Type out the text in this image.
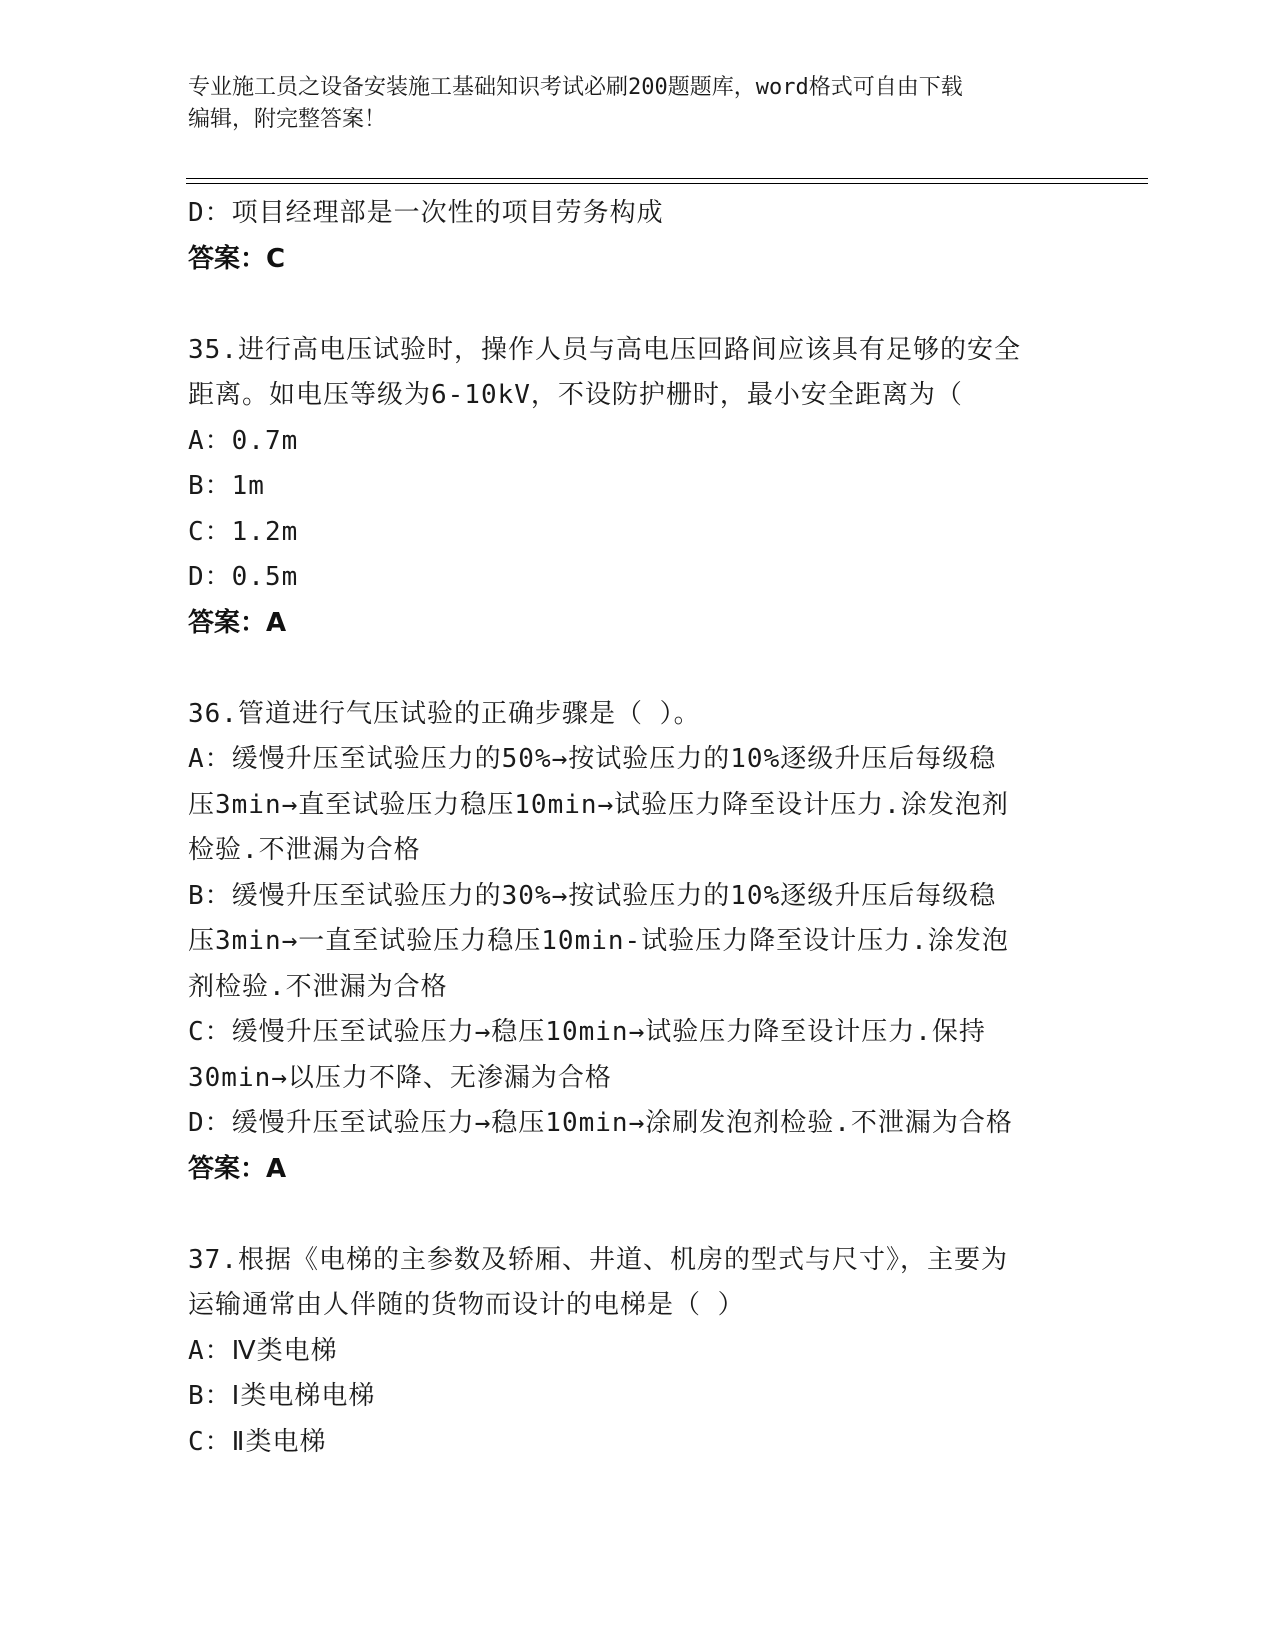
专业施工员之设备安装施工基础知识考试必刷200题题库，word格式可自由下载
编辑，附完整答案！
D：项目经理部是一次性的项目劳务构成
答案：C
35.进行高电压试验时，操作人员与高电压回路间应该具有足够的安全
距离。如电压等级为6-10kV，不设防护栅时，最小安全距离为（
A：0.7m
B：1m
C：1.2m
D：0.5m
答案：A
36.管道进行气压试验的正确步骤是（ ）。
A：缓慢升压至试验压力的50%→按试验压力的10%逐级升压后每级稳
压3min→直至试验压力稳压10min→试验压力降至设计压力.涂发泡剂
检验.不泄漏为合格
B：缓慢升压至试验压力的30%→按试验压力的10%逐级升压后每级稳
压3min→一直至试验压力稳压10min-试验压力降至设计压力.涂发泡
剂检验.不泄漏为合格
C：缓慢升压至试验压力→稳压10min→试验压力降至设计压力.保持
30min→以压力不降、无渗漏为合格
D：缓慢升压至试验压力→稳压10min→涂刷发泡剂检验.不泄漏为合格
答案：A
37.根据《电梯的主参数及轿厢、井道、机房的型式与尺寸》，主要为
运输通常由人伴随的货物而设计的电梯是（ ）
A：Ⅳ类电梯
B：Ⅰ类电梯电梯
C：Ⅱ类电梯
